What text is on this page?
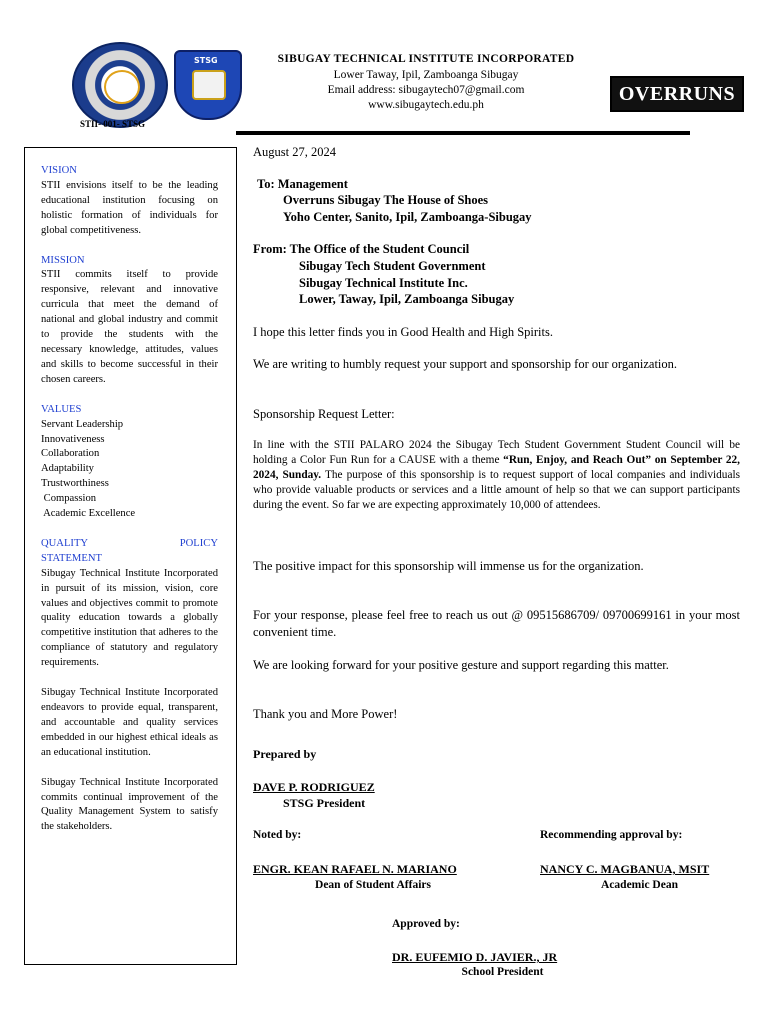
STSG
STII- 001- STSG
SIBUGAY TECHNICAL INSTITUTE INCORPORATED
Lower Taway, Ipil, Zamboanga Sibugay
Email address: sibugaytech07@gmail.com
www.sibugaytech.edu.ph	OVERRUNS
VISION
STII envisions itself to be the leading educational institution focusing on holistic formation of individuals for global competitiveness.
MISSION
STII commits itself to provide responsive, relevant and innovative curricula that meet the demand of national and global industry and commit to provide the students with the necessary knowledge, attitudes, values and skills to become successful in their chosen careers.
VALUES
Servant Leadership
Innovativeness
Collaboration
Adaptability
Trustworthiness
Compassion
Academic Excellence
QUALITY	POLICY
STATEMENT
Sibugay Technical Institute Incorporated in pursuit of its mission, vision, core values and objectives commit to promote quality education towards a globally competitive institution that adheres to the compliance of statutory and regulatory requirements.
Sibugay Technical Institute Incorporated endeavors to provide equal, transparent, and accountable and quality services embedded in our highest ethical ideals as an educational institution.
Sibugay Technical Institute Incorporated commits continual improvement of the Quality Management System to satisfy the stakeholders.
August 27, 2024
To: Management
Overruns Sibugay The House of Shoes
Yoho Center, Sanito, Ipil, Zamboanga-Sibugay
From: The Office of the Student Council
Sibugay Tech Student Government
Sibugay Technical Institute Inc.
Lower, Taway, Ipil, Zamboanga Sibugay
I hope this letter finds you in Good Health and High Spirits.
We are writing to humbly request your support and sponsorship for our organization.
Sponsorship Request Letter:
In line with the STII PALARO 2024 the Sibugay Tech Student Government Student Council will be holding a Color Fun Run for a CAUSE with a theme “Run, Enjoy, and Reach Out” on September 22, 2024, Sunday. The purpose of this sponsorship is to request support of local companies and individuals who provide valuable products or services and a little amount of help so that we can support participants during the event. So far we are expecting approximately 10,000 of attendees.
The positive impact for this sponsorship will immense us for the organization.
For your response, please feel free to reach us out @ 09515686709/ 09700699161 in your most convenient time.
We are looking forward for your positive gesture and support regarding this matter.
Thank you and More Power!
Prepared by
DAVE P. RODRIGUEZ
STSG President
Noted by:	Recommending approval by:
ENGR. KEAN RAFAEL N. MARIANO
Dean of Student Affairs
NANCY C. MAGBANUA, MSIT
Academic Dean
Approved by:
DR. EUFEMIO D. JAVIER., JR
School President
